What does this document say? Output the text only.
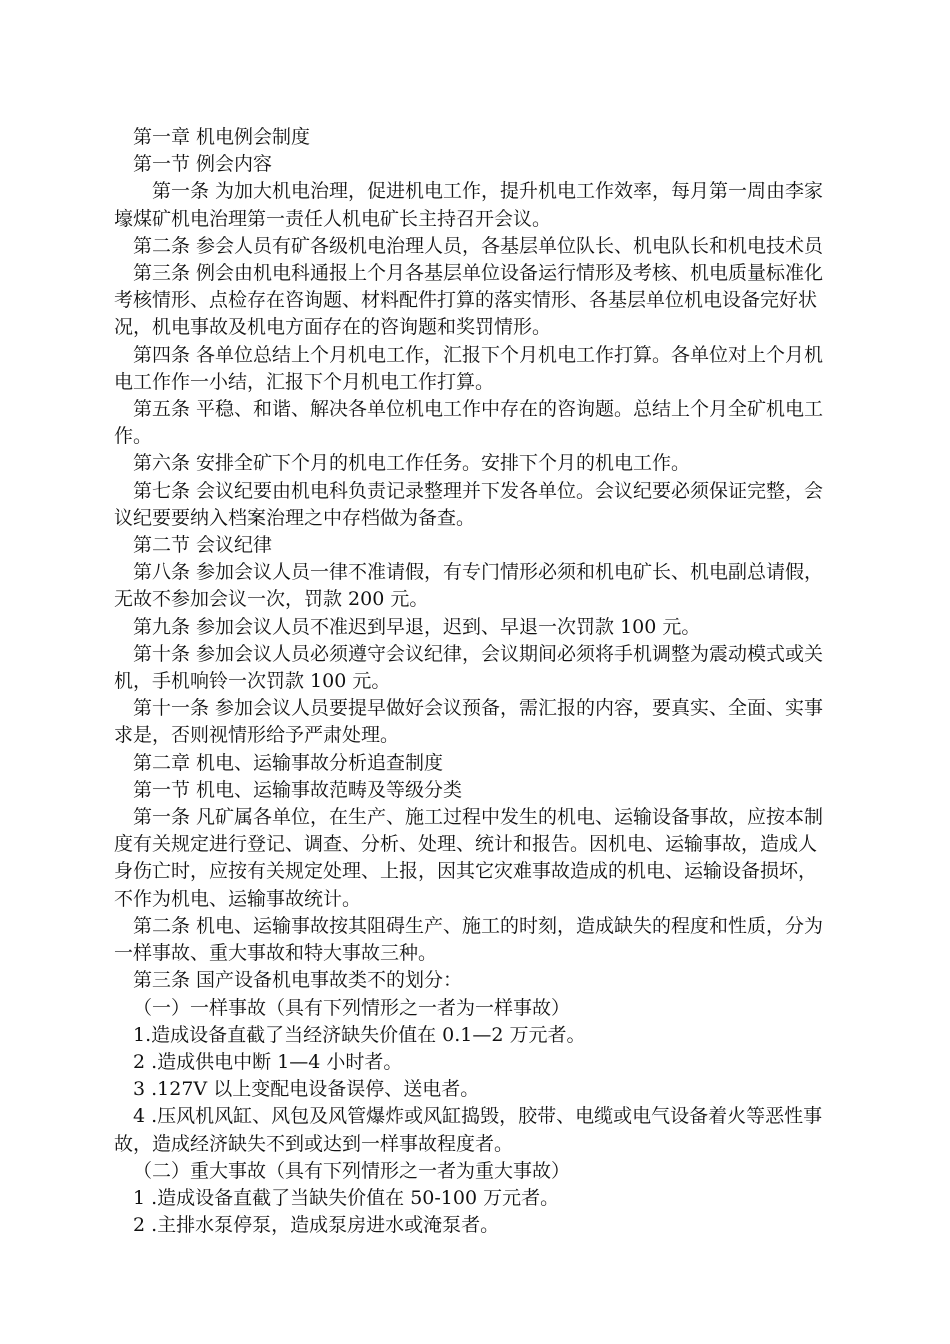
第一章 机电例会制度

第一节 例会内容

第一条 为加大机电治理，促进机电工作，提升机电工作效率，每月第一周由李家壕煤矿机电治理第一责任人机电矿长主持召开会议。

第二条 参会人员有矿各级机电治理人员，各基层单位队长、机电队长和机电技术员

第三条 例会由机电科通报上个月各基层单位设备运行情形及考核、机电质量标准化考核情形、点检存在咨询题、材料配件打算的落实情形、各基层单位机电设备完好状况，机电事故及机电方面存在的咨询题和奖罚情形。

第四条 各单位总结上个月机电工作，汇报下个月机电工作打算。各单位对上个月机电工作作一小结，汇报下个月机电工作打算。

第五条 平稳、和谐、解决各单位机电工作中存在的咨询题。总结上个月全矿机电工作。

第六条 安排全矿下个月的机电工作任务。安排下个月的机电工作。

第七条 会议纪要由机电科负责记录整理并下发各单位。会议纪要必须保证完整，会议纪要要纳入档案治理之中存档做为备查。

第二节 会议纪律

第八条 参加会议人员一律不准请假，有专门情形必须和机电矿长、机电副总请假，无故不参加会议一次，罚款 200 元。

第九条 参加会议人员不准迟到早退，迟到、早退一次罚款 100 元。

第十条 参加会议人员必须遵守会议纪律，会议期间必须将手机调整为震动模式或关机，手机响铃一次罚款 100 元。

第十一条 参加会议人员要提早做好会议预备，需汇报的内容，要真实、全面、实事求是，否则视情形给予严肃处理。

第二章 机电、运输事故分析追查制度

第一节 机电、运输事故范畴及等级分类

第一条 凡矿属各单位，在生产、施工过程中发生的机电、运输设备事故，应按本制度有关规定进行登记、调查、分析、处理、统计和报告。因机电、运输事故，造成人身伤亡时，应按有关规定处理、上报，因其它灾难事故造成的机电、运输设备损坏，不作为机电、运输事故统计。

第二条 机电、运输事故按其阻碍生产、施工的时刻，造成缺失的程度和性质，分为一样事故、重大事故和特大事故三种。

第三条 国产设备机电事故类不的划分：

（一）一样事故（具有下列情形之一者为一样事故）

1.造成设备直截了当经济缺失价值在 0.1—2 万元者。

2 .造成供电中断 1—4 小时者。

3 .127V 以上变配电设备误停、送电者。

4 .压风机风缸、风包及风管爆炸或风缸捣毁，胶带、电缆或电气设备着火等恶性事故，造成经济缺失不到或达到一样事故程度者。

（二）重大事故（具有下列情形之一者为重大事故）

1 .造成设备直截了当缺失价值在 50-100 万元者。

2 .主排水泵停泵，造成泵房进水或淹泵者。
